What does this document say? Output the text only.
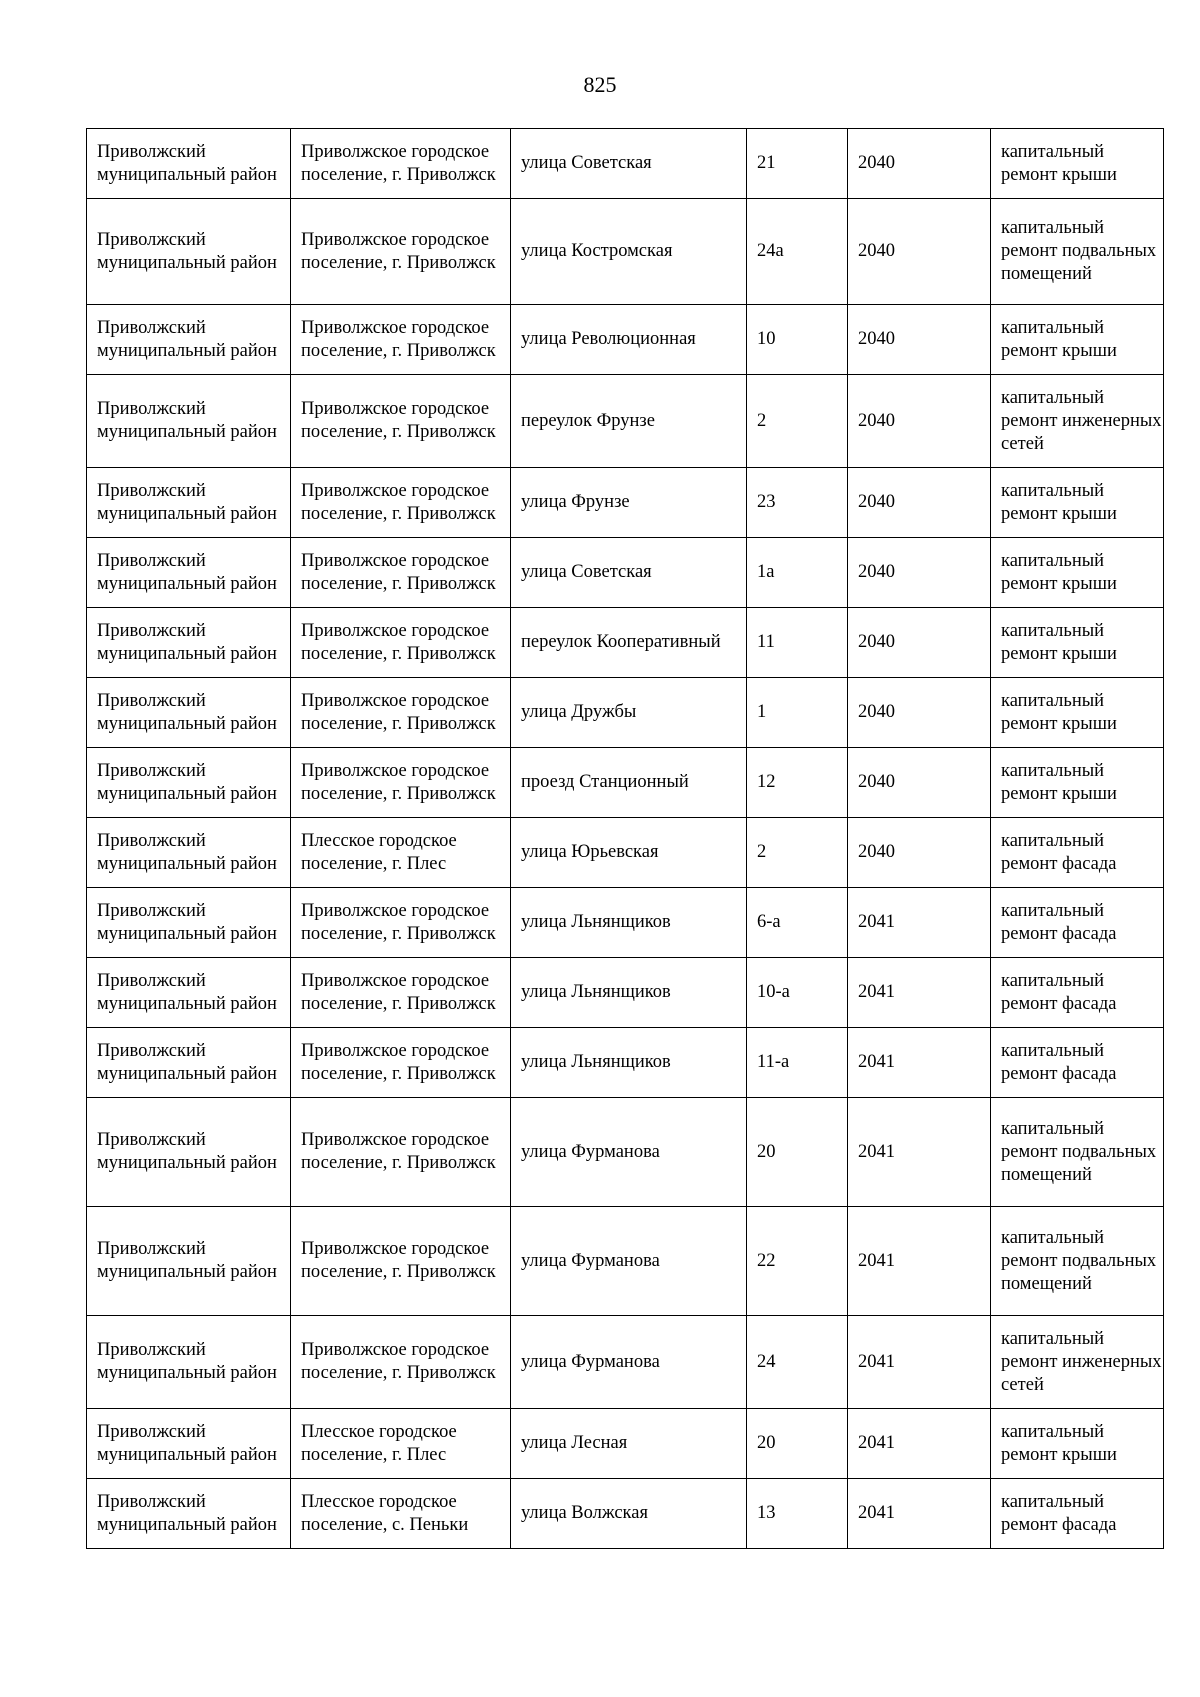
825
Приволжский муниципальный район	Приволжское городское поселение, г. Приволжск	улица Советская	21	2040	капитальный ремонт крыши
Приволжский муниципальный район	Приволжское городское поселение, г. Приволжск	улица Костромская	24а	2040	капитальный ремонт подвальных помещений
Приволжский муниципальный район	Приволжское городское поселение, г. Приволжск	улица Революционная	10	2040	капитальный ремонт крыши
Приволжский муниципальный район	Приволжское городское поселение, г. Приволжск	переулок Фрунзе	2	2040	капитальный ремонт инженерных сетей
Приволжский муниципальный район	Приволжское городское поселение, г. Приволжск	улица Фрунзе	23	2040	капитальный ремонт крыши
Приволжский муниципальный район	Приволжское городское поселение, г. Приволжск	улица Советская	1а	2040	капитальный ремонт крыши
Приволжский муниципальный район	Приволжское городское поселение, г. Приволжск	переулок Кооперативный	11	2040	капитальный ремонт крыши
Приволжский муниципальный район	Приволжское городское поселение, г. Приволжск	улица Дружбы	1	2040	капитальный ремонт крыши
Приволжский муниципальный район	Приволжское городское поселение, г. Приволжск	проезд Станционный	12	2040	капитальный ремонт крыши
Приволжский муниципальный район	Плесское городское поселение, г. Плес	улица Юрьевская	2	2040	капитальный ремонт фасада
Приволжский муниципальный район	Приволжское городское поселение, г. Приволжск	улица Льнянщиков	6-а	2041	капитальный ремонт фасада
Приволжский муниципальный район	Приволжское городское поселение, г. Приволжск	улица Льнянщиков	10-а	2041	капитальный ремонт фасада
Приволжский муниципальный район	Приволжское городское поселение, г. Приволжск	улица Льнянщиков	11-а	2041	капитальный ремонт фасада
Приволжский муниципальный район	Приволжское городское поселение, г. Приволжск	улица Фурманова	20	2041	капитальный ремонт подвальных помещений
Приволжский муниципальный район	Приволжское городское поселение, г. Приволжск	улица Фурманова	22	2041	капитальный ремонт подвальных помещений
Приволжский муниципальный район	Приволжское городское поселение, г. Приволжск	улица Фурманова	24	2041	капитальный ремонт инженерных сетей
Приволжский муниципальный район	Плесское городское поселение, г. Плес	улица Лесная	20	2041	капитальный ремонт крыши
Приволжский муниципальный район	Плесское городское поселение, с. Пеньки	улица Волжская	13	2041	капитальный ремонт фасада
